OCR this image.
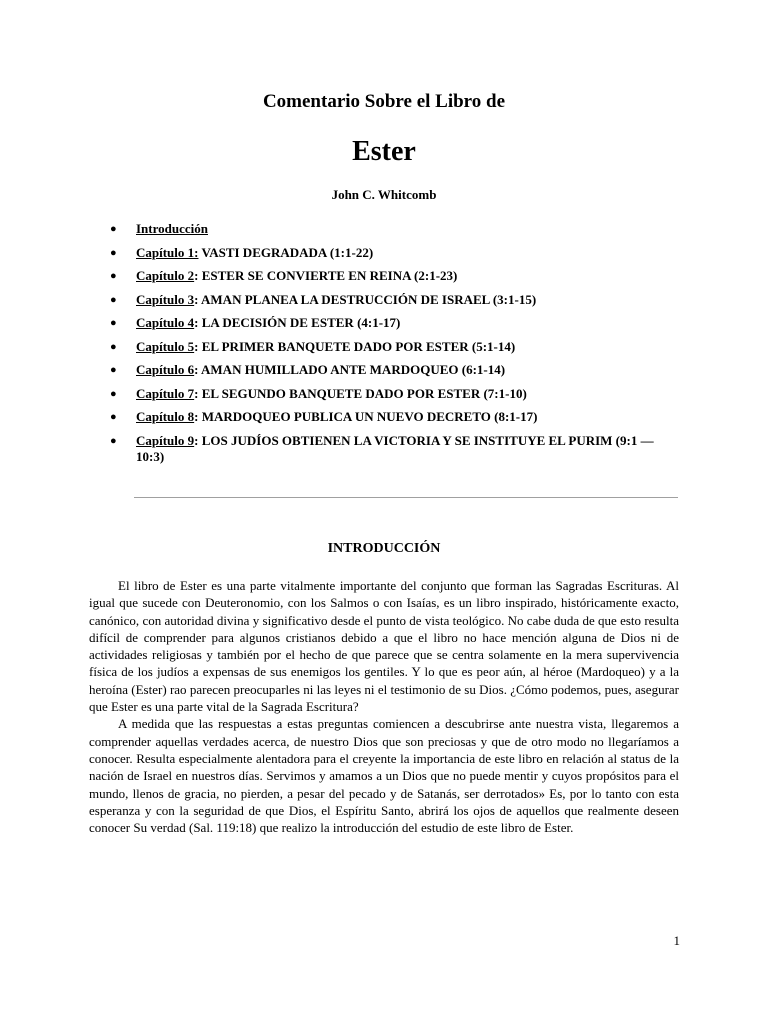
Comentario Sobre el Libro de
Ester
John C. Whitcomb
● Introducción
● Capítulo 1: VASTI DEGRADADA (1:1-22)
● Capítulo 2: ESTER SE CONVIERTE EN REINA (2:1-23)
● Capítulo 3: AMAN PLANEA LA DESTRUCCIÓN DE ISRAEL (3:1-15)
● Capítulo 4: LA DECISIÓN DE ESTER (4:1-17)
● Capítulo 5: EL PRIMER BANQUETE DADO POR ESTER (5:1-14)
● Capítulo 6: AMAN HUMILLADO ANTE MARDOQUEO (6:1-14)
● Capítulo 7: EL SEGUNDO BANQUETE DADO POR ESTER (7:1-10)
● Capítulo 8: MARDOQUEO PUBLICA UN NUEVO DECRETO (8:1-17)
● Capítulo 9: LOS JUDÍOS OBTIENEN LA VICTORIA Y SE INSTITUYE EL PURIM (9:1 — 10:3)
INTRODUCCIÓN

El libro de Ester es una parte vitalmente importante del conjunto que forman las Sagradas Escrituras. Al igual que sucede con Deuteronomio, con los Salmos o con Isaías, es un libro inspirado, históricamente exacto, canónico, con autoridad divina y significativo desde el punto de vista teológico. No cabe duda de que esto resulta difícil de comprender para algunos cristianos debido a que el libro no hace mención alguna de Dios ni de actividades religiosas y también por el hecho de que parece que se centra solamente en la mera supervivencia física de los judíos a expensas de sus enemigos los gentiles. Y lo que es peor aún, al héroe (Mardoqueo) y a la heroína (Ester) rao parecen preocuparles ni las leyes ni el testimonio de su Dios. ¿Cómo podemos, pues, asegurar que Ester es una parte vital de la Sagrada Escritura?

A medida que las respuestas a estas preguntas comiencen a descubrirse ante nuestra vista, llegaremos a comprender aquellas verdades acerca, de nuestro Dios que son preciosas y que de otro modo no llegaríamos a conocer. Resulta especialmente alentadora para el creyente la importancia de este libro en relación al status de la nación de Israel en nuestros días. Servimos y amamos a un Dios que no puede mentir y cuyos propósitos para el mundo, llenos de gracia, no pierden, a pesar del pecado y de Satanás, ser derrotados» Es, por lo tanto con esta esperanza y con la seguridad de que Dios, el Espíritu Santo, abrirá los ojos de aquellos que realmente deseen conocer Su verdad (Sal. 119:18) que realizo la introducción del estudio de este libro de Ester.

1
